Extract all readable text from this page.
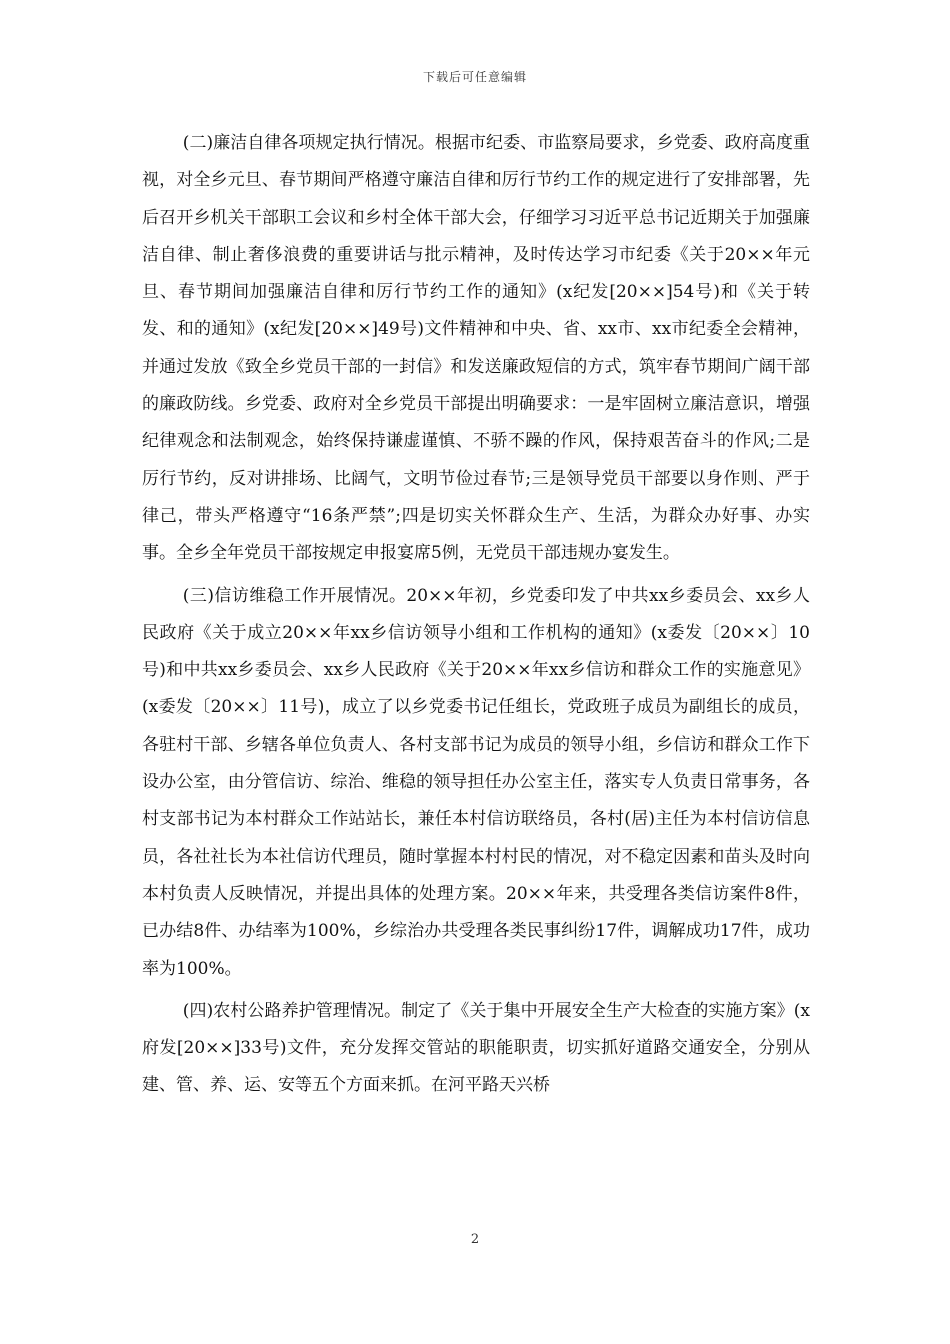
下载后可任意编辑

(二)廉洁自律各项规定执行情况。根据市纪委、市监察局要求，乡党委、政府高度重视，对全乡元旦、春节期间严格遵守廉洁自律和厉行节约工作的规定进行了安排部署，先后召开乡机关干部职工会议和乡村全体干部大会，仔细学习习近平总书记近期关于加强廉洁自律、制止奢侈浪费的重要讲话与批示精神，及时传达学习市纪委《关于20××年元旦、春节期间加强廉洁自律和厉行节约工作的通知》(x纪发[20××]54号)和《关于转发、和的通知》(x纪发[20××]49号)文件精神和中央、省、xx市、xx市纪委全会精神，并通过发放《致全乡党员干部的一封信》和发送廉政短信的方式，筑牢春节期间广阔干部的廉政防线。乡党委、政府对全乡党员干部提出明确要求：一是牢固树立廉洁意识，增强纪律观念和法制观念，始终保持谦虚谨慎、不骄不躁的作风，保持艰苦奋斗的作风;二是厉行节约，反对讲排场、比阔气，文明节俭过春节;三是领导党员干部要以身作则、严于律己，带头严格遵守“16条严禁”;四是切实关怀群众生产、生活，为群众办好事、办实事。全乡全年党员干部按规定申报宴席5例，无党员干部违规办宴发生。

(三)信访维稳工作开展情况。20××年初，乡党委印发了中共xx乡委员会、xx乡人民政府《关于成立20××年xx乡信访领导小组和工作机构的通知》(x委发〔20××〕10号)和中共xx乡委员会、xx乡人民政府《关于20××年xx乡信访和群众工作的实施意见》(x委发〔20××〕11号)，成立了以乡党委书记任组长，党政班子成员为副组长的成员，各驻村干部、乡辖各单位负责人、各村支部书记为成员的领导小组，乡信访和群众工作下设办公室，由分管信访、综治、维稳的领导担任办公室主任，落实专人负责日常事务，各村支部书记为本村群众工作站站长，兼任本村信访联络员，各村(居)主任为本村信访信息员，各社社长为本社信访代理员，随时掌握本村村民的情况，对不稳定因素和苗头及时向本村负责人反映情况，并提出具体的处理方案。20××年来，共受理各类信访案件8件，已办结8件、办结率为100%，乡综治办共受理各类民事纠纷17件，调解成功17件，成功率为100%。

(四)农村公路养护管理情况。制定了《关于集中开展安全生产大检查的实施方案》(x府发[20××]33号)文件，充分发挥交管站的职能职责，切实抓好道路交通安全，分别从建、管、养、运、安等五个方面来抓。在河平路天兴桥

2
